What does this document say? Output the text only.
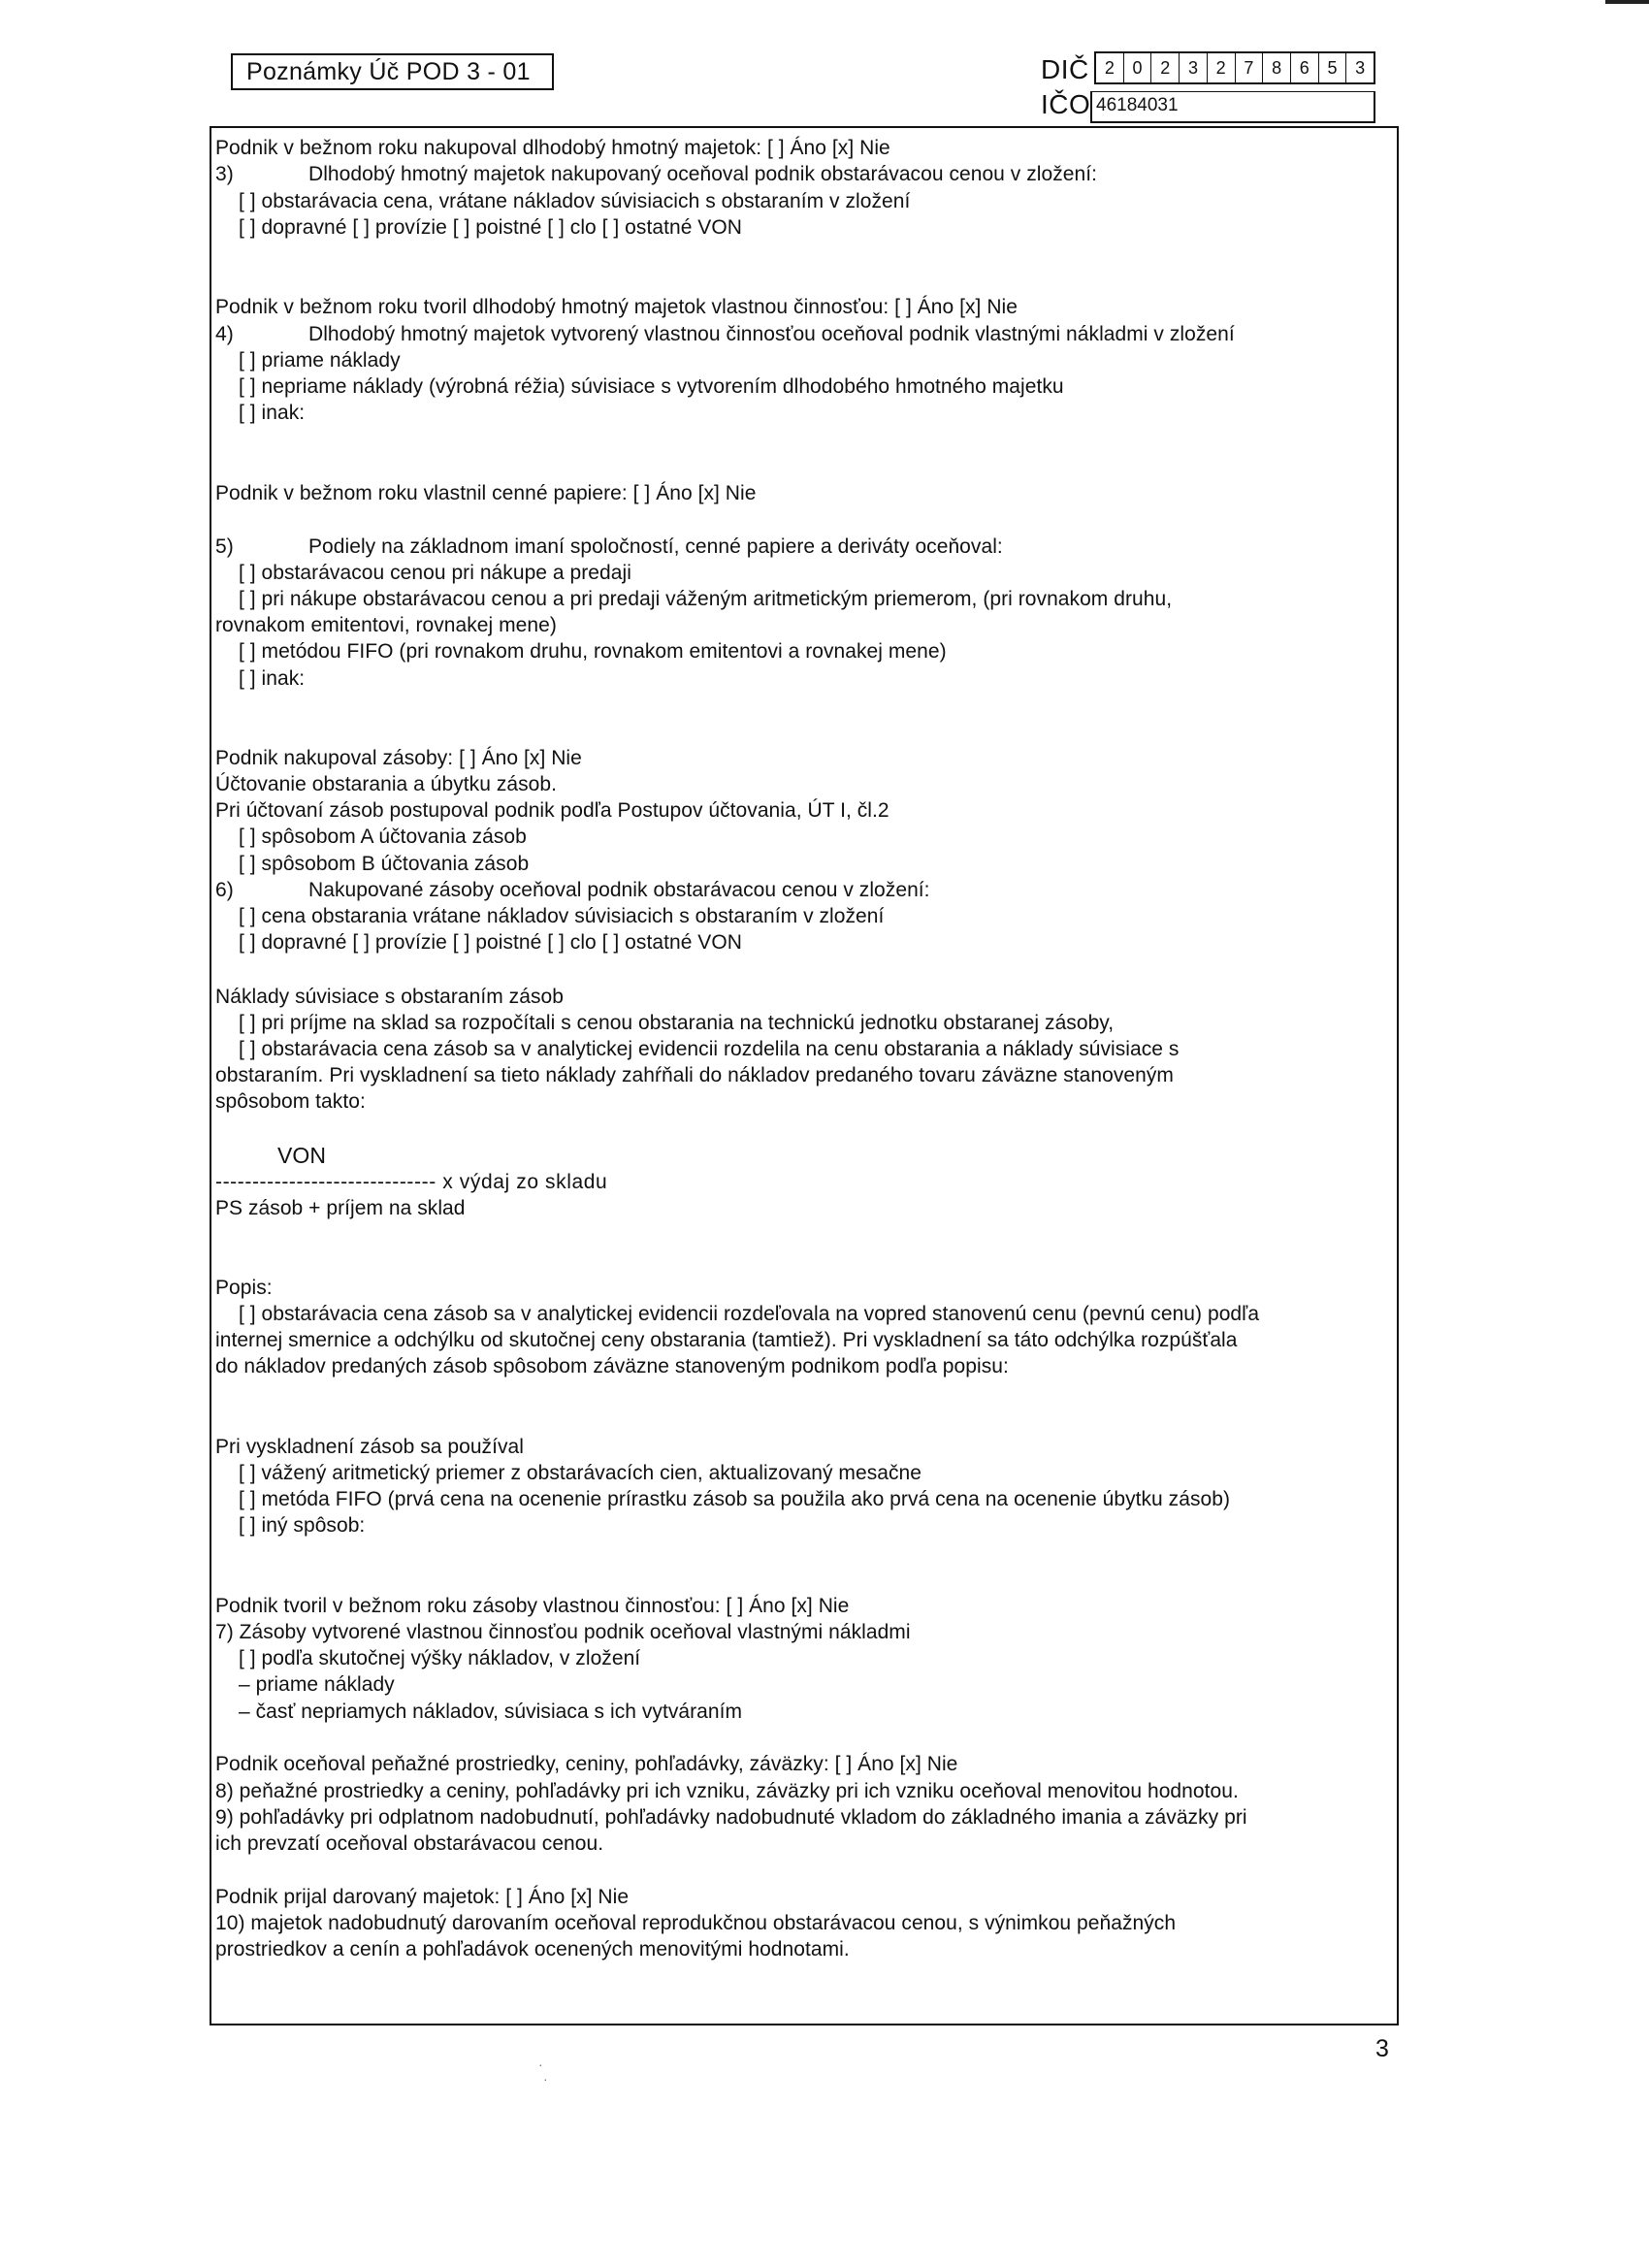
Poznámky Úč POD 3 - 01	DIČ 2	0	2	3	2	7	8	6	5	3
IČO 46184031
Podnik v bežnom roku nakupoval dlhodobý hmotný majetok: [ ] Áno [x] Nie
3)	Dlhodobý hmotný majetok nakupovaný oceňoval podnik obstarávacou cenou v zložení:
[ ] obstarávacia cena, vrátane nákladov súvisiacich s obstaraním v zložení
[ ] dopravné [ ] provízie [ ] poistné [ ] clo [ ] ostatné VON
Podnik v bežnom roku tvoril dlhodobý hmotný majetok vlastnou činnosťou: [ ] Áno [x] Nie
4)	Dlhodobý hmotný majetok vytvorený vlastnou činnosťou oceňoval podnik vlastnými nákladmi v zložení
[ ] priame náklady
[ ] nepriame náklady (výrobná réžia) súvisiace s vytvorením dlhodobého hmotného majetku
[ ] inak:
Podnik v bežnom roku vlastnil cenné papiere: [ ] Áno [x] Nie
5)	Podiely na základnom imaní spoločností, cenné papiere a deriváty oceňoval:
[ ] obstarávacou cenou pri nákupe a predaji
[ ] pri nákupe obstarávacou cenou a pri predaji váženým aritmetickým priemerom, (pri rovnakom druhu,
rovnakom emitentovi, rovnakej mene)
[ ] metódou FIFO (pri rovnakom druhu, rovnakom emitentovi a rovnakej mene)
[ ] inak:
Podnik nakupoval zásoby: [ ] Áno [x] Nie
Účtovanie obstarania a úbytku zásob.
Pri účtovaní zásob postupoval podnik podľa Postupov účtovania, ÚT I, čl.2
[ ] spôsobom A účtovania zásob
[ ] spôsobom B účtovania zásob
6)	Nakupované zásoby oceňoval podnik obstarávacou cenou v zložení:
[ ] cena obstarania vrátane nákladov súvisiacich s obstaraním v zložení
[ ] dopravné [ ] provízie [ ] poistné [ ] clo [ ] ostatné VON
Náklady súvisiace s obstaraním zásob
[ ] pri príjme na sklad sa rozpočítali s cenou obstarania na technickú jednotku obstaranej zásoby,
[ ] obstarávacia cena zásob sa v analytickej evidencii rozdelila na cenu obstarania a náklady súvisiace s
obstaraním. Pri vyskladnení sa tieto náklady zahŕňali do nákladov predaného tovaru záväzne stanoveným
spôsobom takto:
VON
------------------------------ x výdaj zo skladu
PS zásob + príjem na sklad
Popis:
[ ] obstarávacia cena zásob sa v analytickej evidencii rozdeľovala na vopred stanovenú cenu (pevnú cenu) podľa
internej smernice a odchýlku od skutočnej ceny obstarania (tamtiež). Pri vyskladnení sa táto odchýlka rozpúšťala
do nákladov predaných zásob spôsobom záväzne stanoveným podnikom podľa popisu:
Pri vyskladnení zásob sa používal
[ ] vážený aritmetický priemer z obstarávacích cien, aktualizovaný mesačne
[ ] metóda FIFO (prvá cena na ocenenie prírastku zásob sa použila ako prvá cena na ocenenie úbytku zásob)
[ ] iný spôsob:
Podnik tvoril v bežnom roku zásoby vlastnou činnosťou: [ ] Áno [x] Nie
7) Zásoby vytvorené vlastnou činnosťou podnik oceňoval vlastnými nákladmi
[ ] podľa skutočnej výšky nákladov, v zložení
– priame náklady
– časť nepriamych nákladov, súvisiaca s ich vytváraním
Podnik oceňoval peňažné prostriedky, ceniny, pohľadávky, záväzky: [ ] Áno [x] Nie
8) peňažné prostriedky a ceniny, pohľadávky pri ich vzniku, záväzky pri ich vzniku oceňoval menovitou hodnotou.
9) pohľadávky pri odplatnom nadobudnutí, pohľadávky nadobudnuté vkladom do základného imania a záväzky pri
ich prevzatí oceňoval obstarávacou cenou.
Podnik prijal darovaný majetok: [ ] Áno [x] Nie
10) majetok nadobudnutý darovaním oceňoval reprodukčnou obstarávacou cenou, s výnimkou peňažných
prostriedkov a cenín a pohľadávok ocenených menovitými hodnotami.
3
·
·
